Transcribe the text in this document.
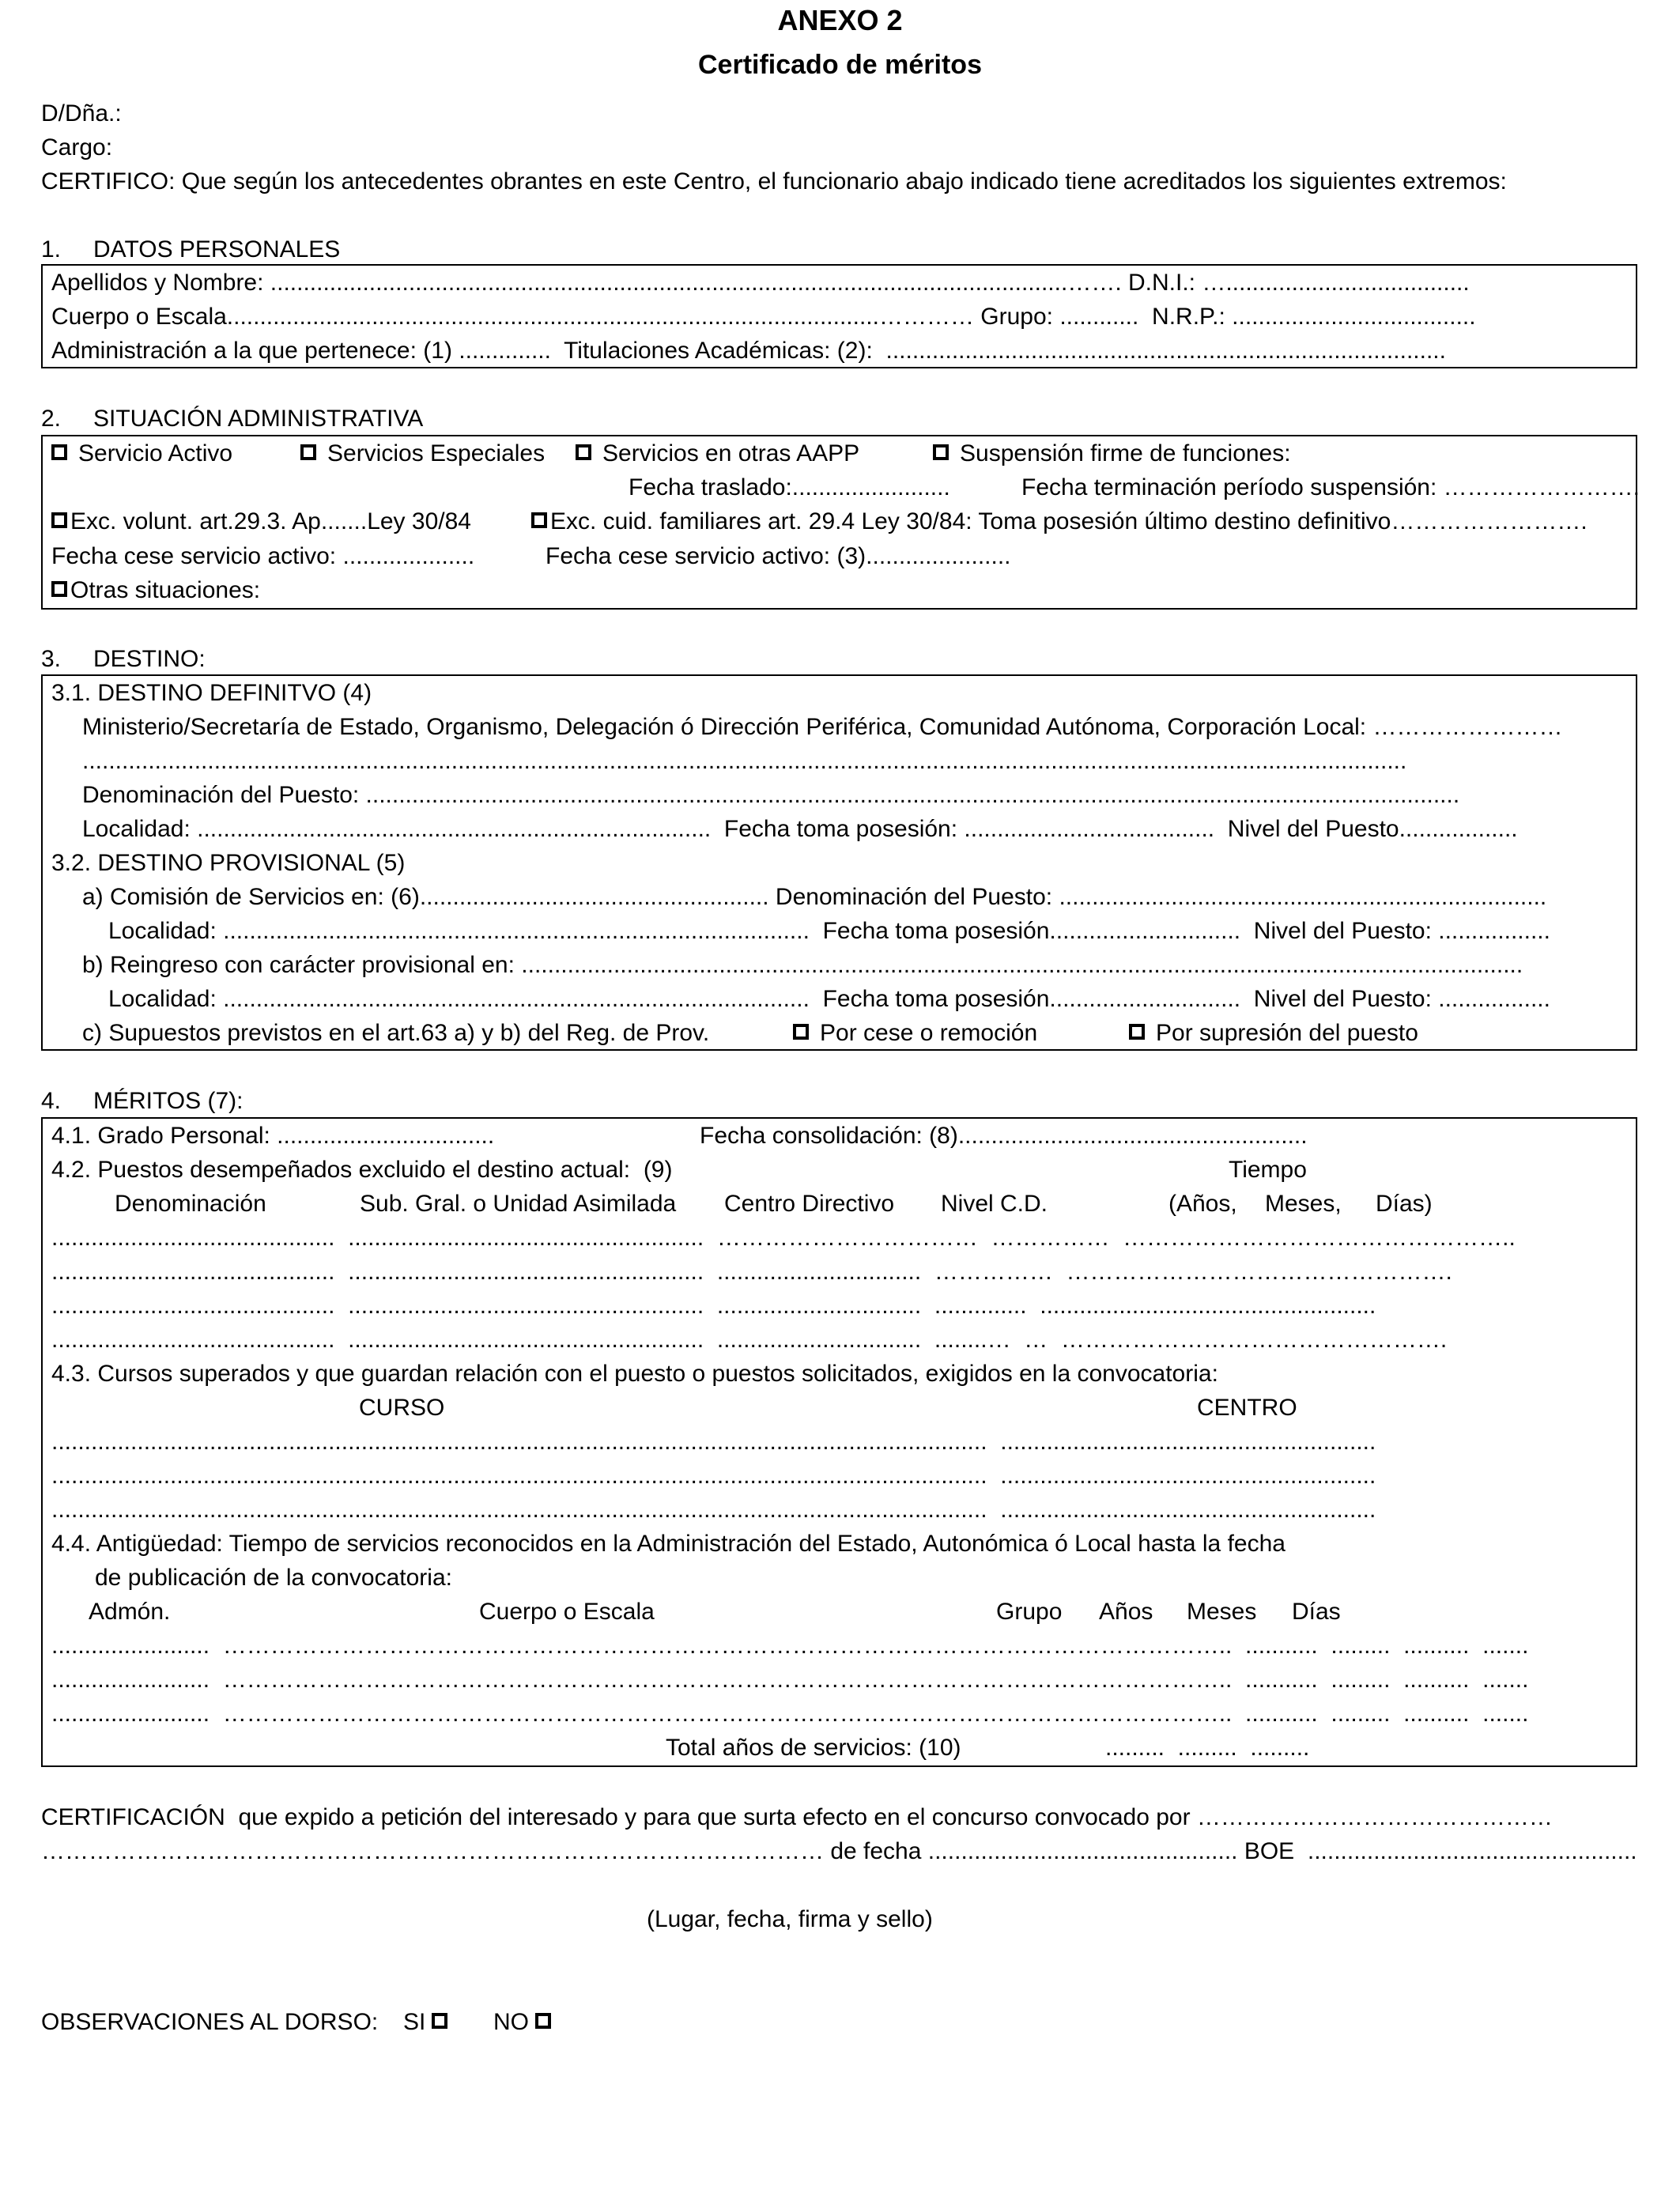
ANEXO 2
Certificado de méritos
D/Dña.:
Cargo:
CERTIFICO: Que según los antecedentes obrantes en este Centro, el funcionario abajo indicado tiene acreditados los siguientes extremos:
1. DATOS PERSONALES
Apellidos y Nombre: .........................................................................................................................……. D.N.I.: ….....................................
Cuerpo o Escala...................................................................................................………… Grupo: ............  N.R.P.: .....................................
Administración a la que pertenece: (1) ..............  Titulaciones Académicas: (2):  .....................................................................................
2. SITUACIÓN ADMINISTRATIVA
Servicio Activo	Servicios Especiales	Servicios en otras AAPP	Suspensión firme de funciones:
Fecha traslado:........................	Fecha terminación período suspensión: …………………….
Exc. volunt. art.29.3. Ap.......Ley 30/84	Exc. cuid. familiares art. 29.4 Ley 30/84: Toma posesión último destino definitivo…………………….
Fecha cese servicio activo: ....................	Fecha cese servicio activo: (3)......................
Otras situaciones:
3. DESTINO:
3.1. DESTINO DEFINITVO (4)
Ministerio/Secretaría de Estado, Organismo, Delegación ó Dirección Periférica, Comunidad Autónoma, Corporación Local: ……………………
.........................................................................................................................................................................................................
Denominación del Puesto: ......................................................................................................................................................................
Localidad: ..............................................................................  Fecha toma posesión: ......................................  Nivel del Puesto..................
3.2. DESTINO PROVISIONAL (5)
a) Comisión de Servicios en: (6)..................................................... Denominación del Puesto: ..........................................................................
Localidad: .........................................................................................  Fecha toma posesión.............................  Nivel del Puesto: .................
b) Reingreso con carácter provisional en: ........................................................................................................................................................
Localidad: .........................................................................................  Fecha toma posesión.............................  Nivel del Puesto: .................
c) Supuestos previstos en el art.63 a) y b) del Reg. de Prov.	Por cese o remoción	Por supresión del puesto
4. MÉRITOS (7):
4.1. Grado Personal: .................................	Fecha consolidación: (8).....................................................
4.2. Puestos desempeñados excluido el destino actual:  (9)	Tiempo
Denominación	Sub. Gral. o Unidad Asimilada Centro Directivo Nivel C.D.	(Años, Meses, Días)
...........................................  ......................................................  ……………………………  ……………  …………………………………………..
...........................................  ......................................................  ...............................  ……………  ………………………………………….
...........................................  ......................................................  ...............................  ..............  ...................................................
...........................................  ......................................................  ...............................  ........…  …  ………………………………………….
4.3. Cursos superados y que guardan relación con el puesto o puestos solicitados, exigidos en la convocatoria:
CURSO	CENTRO
..............................................................................................................................................  .........................................................
..............................................................................................................................................  .........................................................
..............................................................................................................................................  .........................................................
4.4. Antigüedad: Tiempo de servicios reconocidos en la Administración del Estado, Autonómica ó Local hasta la fecha
de publicación de la convocatoria:
Admón.	Cuerpo o Escala	Grupo Años Meses Días
........................  ………………………………………………………………………………………………………………..  ...........  .........  ..........  .......
........................  ………………………………………………………………………………………………………………..  ...........  .........  ..........  .......
........................  ………………………………………………………………………………………………………………..  ...........  .........  ..........  .......
Total años de servicios: (10)	.........  .........  .........
CERTIFICACIÓN  que expido a petición del interesado y para que surta efecto en el concurso convocado por ………………………………………
……………………………………………………………………………………… de fecha ............................................... BOE  ..................................................
(Lugar, fecha, firma y sello)
OBSERVACIONES AL DORSO: SI	NO
